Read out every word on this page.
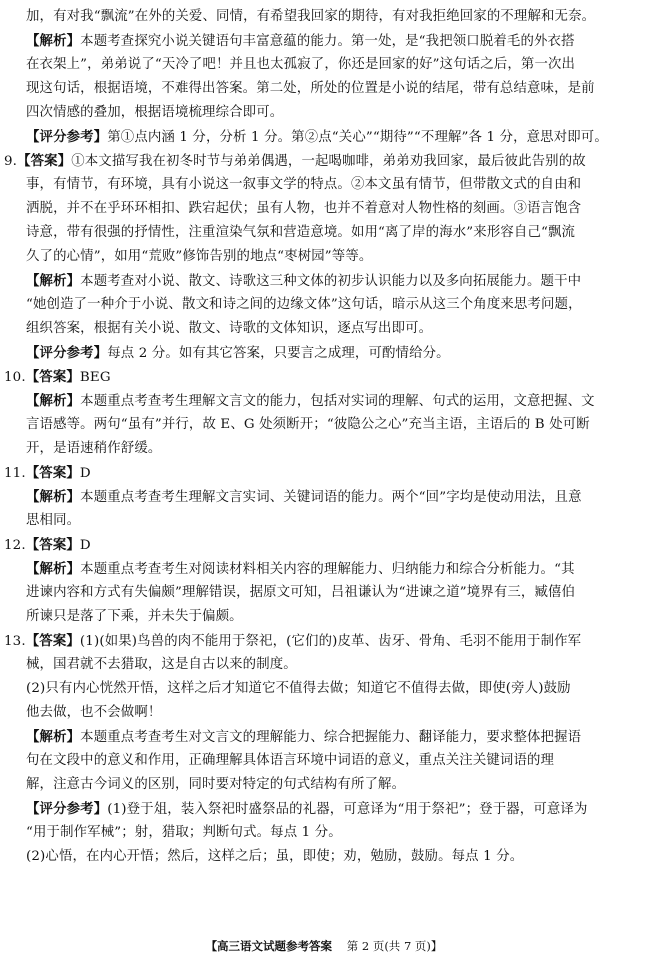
加，有对我“飘流”在外的关爱、同情，有希望我回家的期待，有对我拒绝回家的不理解和无奈。
【解析】本题考查探究小说关键语句丰富意蕴的能力。第一处，是“我把领口脱着毛的外衣搭
在衣架上”，弟弟说了“天冷了吧！并且也太孤寂了，你还是回家的好”这句话之后，第一次出
现这句话，根据语境，不难得出答案。第二处，所处的位置是小说的结尾，带有总结意味，是前
四次情感的叠加，根据语境梳理综合即可。
【评分参考】第①点内涵 1 分，分析 1 分。第②点“关心”“期待”“不理解”各 1 分，意思对即可。
9.【答案】①本文描写我在初冬时节与弟弟偶遇，一起喝咖啡，弟弟劝我回家，最后彼此告别的故
事，有情节，有环境，具有小说这一叙事文学的特点。②本文虽有情节，但带散文式的自由和
洒脱，并不在乎环环相扣、跌宕起伏；虽有人物，也并不着意对人物性格的刻画。③语言饱含
诗意，带有很强的抒情性，注重渲染气氛和营造意境。如用“离了岸的海水”来形容自己“飘流
久了的心情”，如用“荒败”修饰告别的地点“枣树园”等等。
【解析】本题考查对小说、散文、诗歌这三种文体的初步认识能力以及多向拓展能力。题干中
“她创造了一种介于小说、散文和诗之间的边缘文体”这句话，暗示从这三个角度来思考问题，
组织答案，根据有关小说、散文、诗歌的文体知识，逐点写出即可。
【评分参考】每点 2 分。如有其它答案，只要言之成理，可酌情给分。
10.【答案】BEG
【解析】本题重点考查考生理解文言文的能力，包括对实词的理解、句式的运用，文意把握、文
言语感等。两句“虽有”并行，故 E、G 处须断开；“彼隐公之心”充当主语，主语后的 B 处可断
开，是语速稍作舒缓。
11.【答案】D
【解析】本题重点考查考生理解文言实词、关键词语的能力。两个“回”字均是使动用法，且意
思相同。
12.【答案】D
【解析】本题重点考查考生对阅读材料相关内容的理解能力、归纳能力和综合分析能力。“其
进谏内容和方式有失偏颇”理解错误，据原文可知，吕祖谦认为“进谏之道”境界有三，臧僖伯
所谏只是落了下乘，并未失于偏颇。
13.【答案】(1)(如果)鸟兽的肉不能用于祭祀，(它们的)皮革、齿牙、骨角、毛羽不能用于制作军
械，国君就不去猎取，这是自古以来的制度。
(2)只有内心恍然开悟，这样之后才知道它不值得去做；知道它不值得去做，即使(旁人)鼓励
他去做，也不会做啊！
【解析】本题重点考查考生对文言文的理解能力、综合把握能力、翻译能力，要求整体把握语
句在文段中的意义和作用，正确理解具体语言环境中词语的意义，重点关注关键词语的理
解，注意古今词义的区别，同时要对特定的句式结构有所了解。
【评分参考】(1)登于俎，装入祭祀时盛祭品的礼器，可意译为“用于祭祀”；登于器，可意译为
“用于制作军械”；射，猎取；判断句式。每点 1 分。
(2)心悟，在内心开悟；然后，这样之后；虽，即使；劝，勉励，鼓励。每点 1 分。
【高三语文试题参考答案 第 2 页(共 7 页)】
